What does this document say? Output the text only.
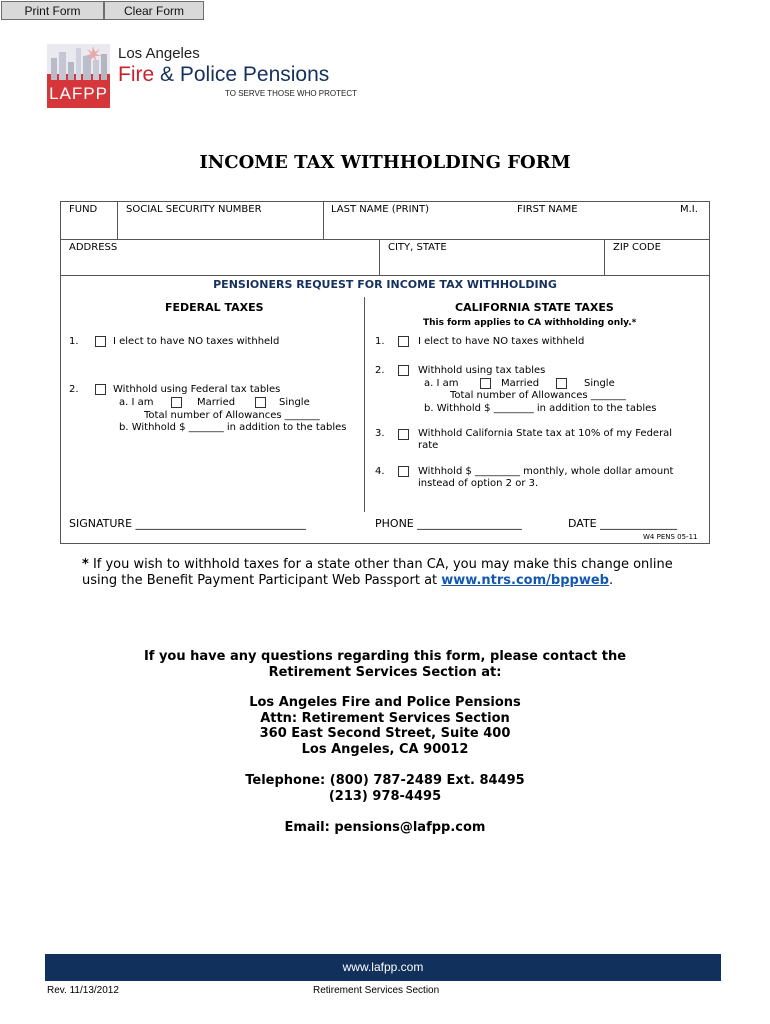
Print Form	Clear Form
LAFPP
Los Angeles
Fire & Police Pensions
TO SERVE THOSE WHO PROTECT
INCOME TAX WITHHOLDING FORM
FUND	SOCIAL SECURITY NUMBER	LAST NAME (PRINT)	FIRST NAME	M.I.
ADDRESS	CITY, STATE	ZIP CODE
PENSIONERS REQUEST FOR INCOME TAX WITHHOLDING
FEDERAL TAXES
1.	I elect to have NO taxes withheld
2.	Withhold using Federal tax tables
a. I am	Married	Single
Total number of Allowances _______
b. Withhold $ _______ in addition to the tables
CALIFORNIA STATE TAXES
This form applies to CA withholding only.*
1.	I elect to have NO taxes withheld
2.	Withhold using tax tables
a. I am	Married	Single
Total number of Allowances _______
b. Withhold $ ________ in addition to the tables
3.	Withhold California State tax at 10% of my Federal
rate
4.	Withhold $ _________ monthly, whole dollar amount
instead of option 2 or 3.
SIGNATURE _______________________________	PHONE ___________________	DATE ______________
W4 PENS 05-11
* If you wish to withhold taxes for a state other than CA, you may make this change online
using the Benefit Payment Participant Web Passport at www.ntrs.com/bppweb.
If you have any questions regarding this form, please contact the
Retirement Services Section at:
Los Angeles Fire and Police Pensions
Attn: Retirement Services Section
360 East Second Street, Suite 400
Los Angeles, CA 90012
Telephone: (800) 787-2489 Ext. 84495
(213) 978-4495
Email: pensions@lafpp.com
www.lafpp.com
Rev. 11/13/2012	Retirement Services Section
